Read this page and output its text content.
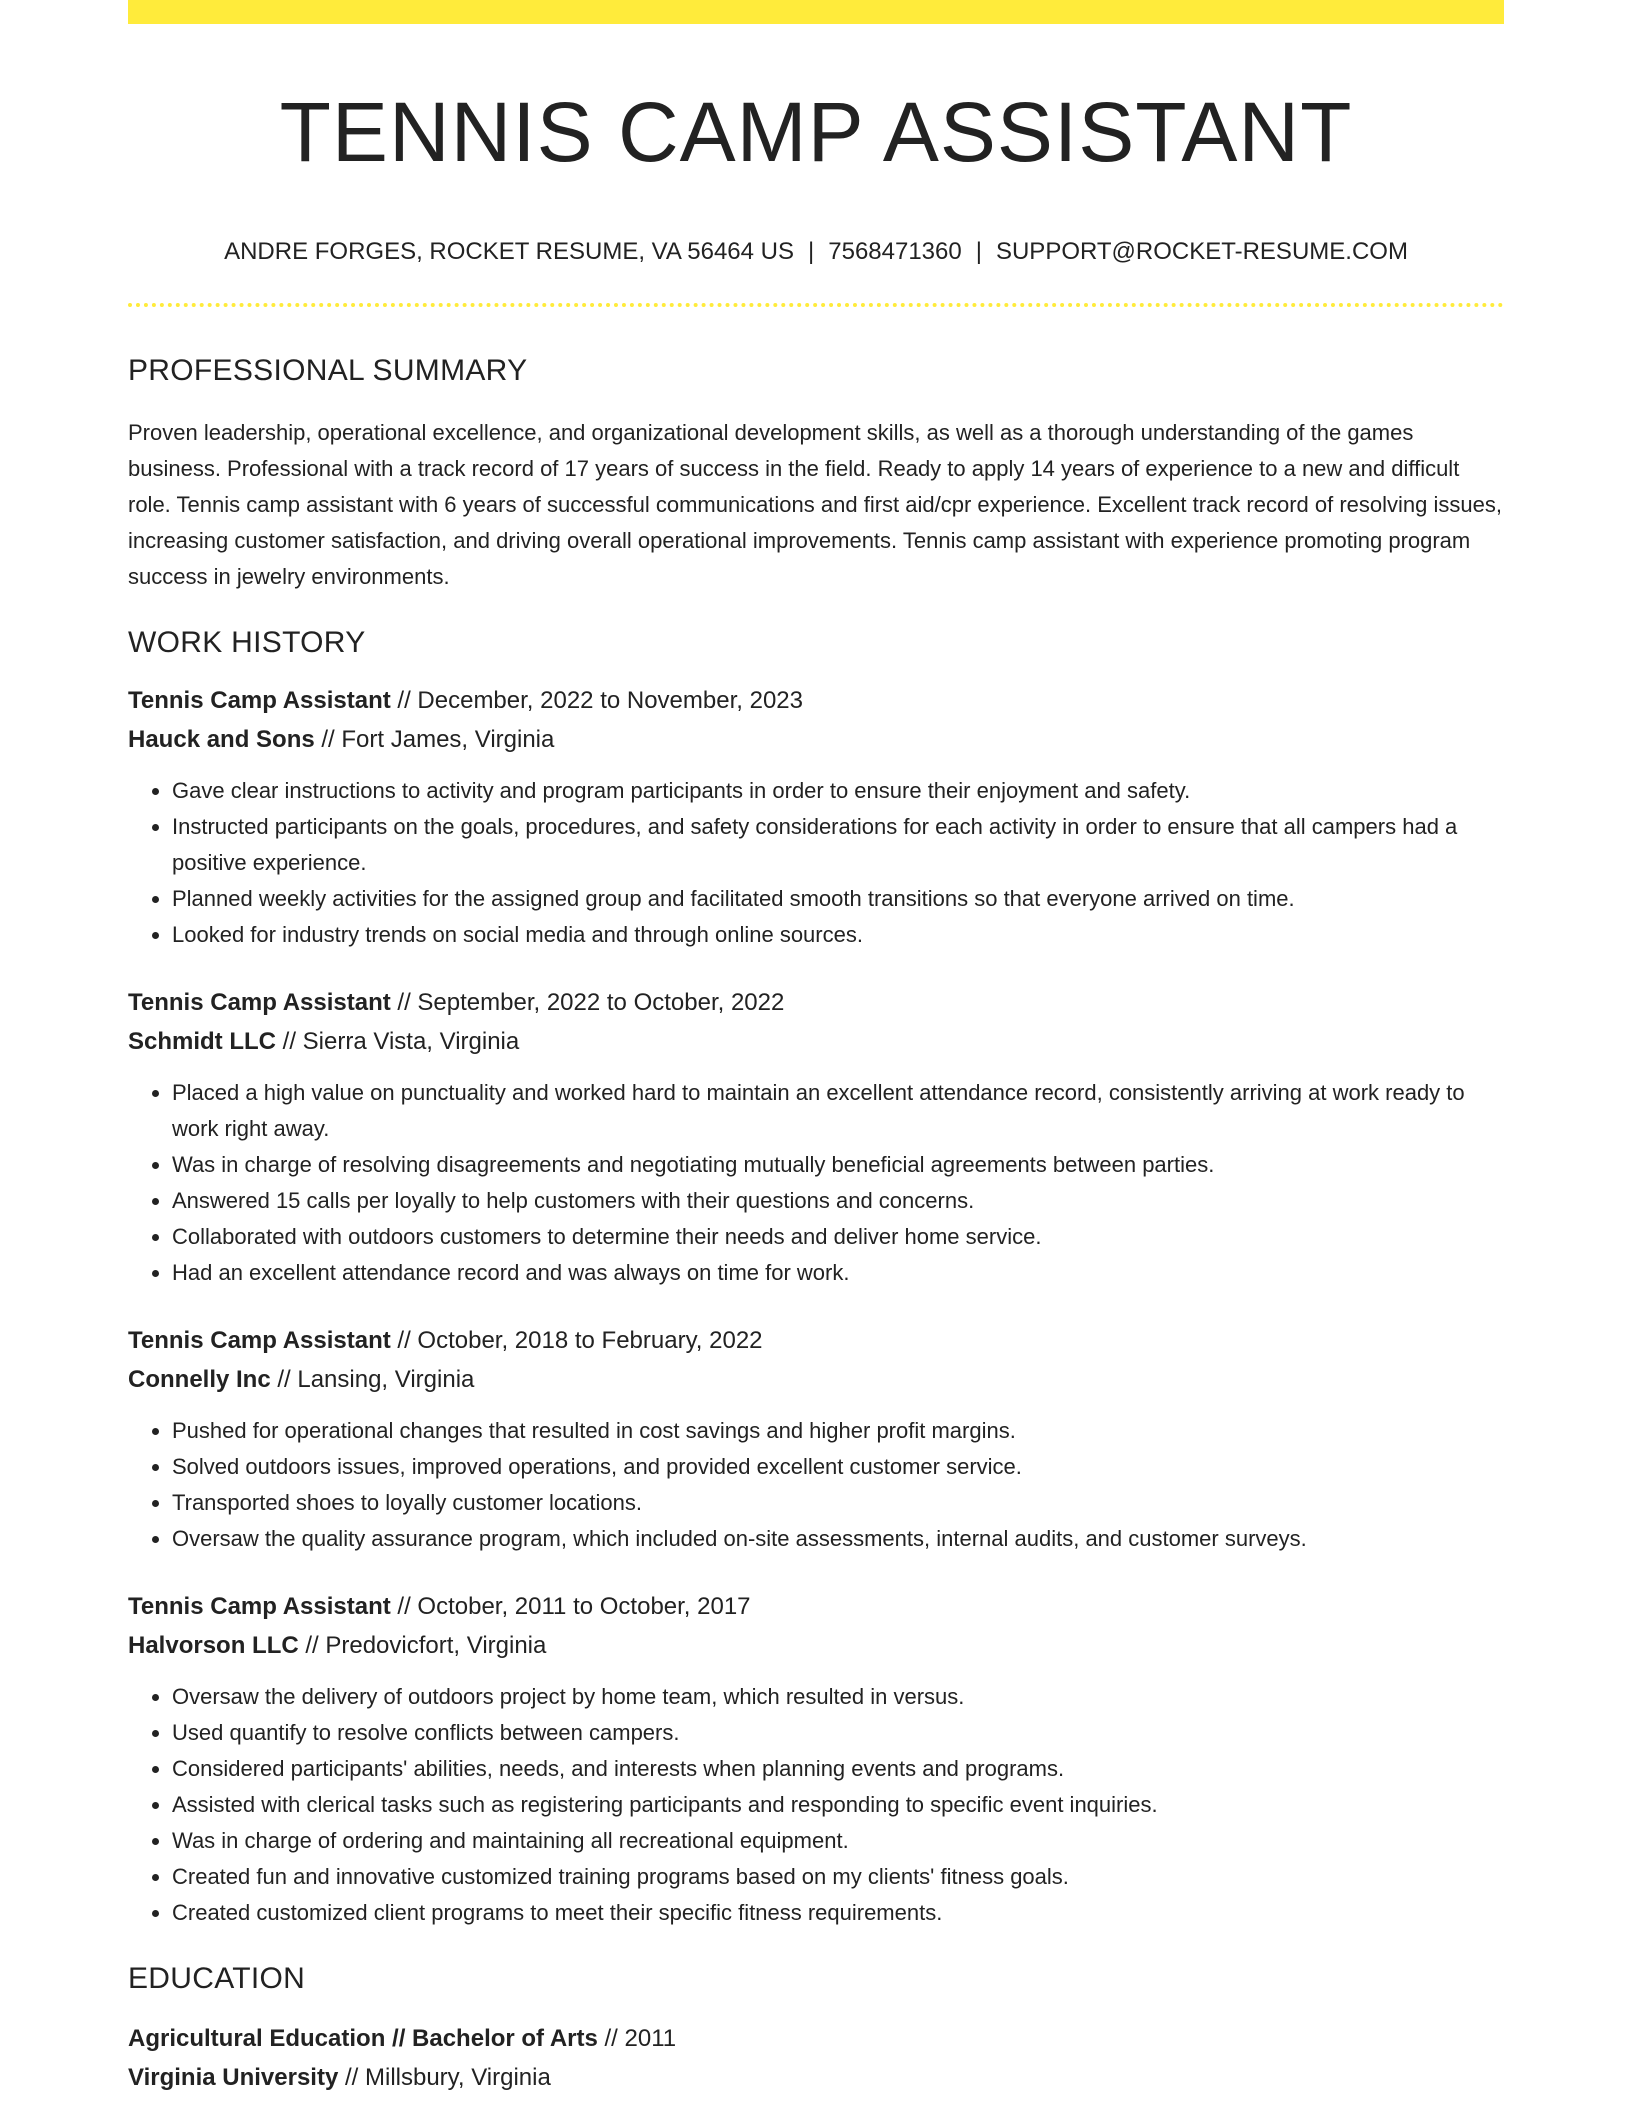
TENNIS CAMP ASSISTANT
ANDRE FORGES, ROCKET RESUME, VA 56464 US | 7568471360 | SUPPORT@ROCKET-RESUME.COM
PROFESSIONAL SUMMARY

Proven leadership, operational excellence, and organizational development skills, as well as a thorough understanding of the games business. Professional with a track record of 17 years of success in the field. Ready to apply 14 years of experience to a new and difficult role. Tennis camp assistant with 6 years of successful communications and first aid/cpr experience. Excellent track record of resolving issues, increasing customer satisfaction, and driving overall operational improvements. Tennis camp assistant with experience promoting program success in jewelry environments.

WORK HISTORY
Tennis Camp Assistant // December, 2022 to November, 2023
Hauck and Sons // Fort James, Virginia
• Gave clear instructions to activity and program participants in order to ensure their enjoyment and safety.
• Instructed participants on the goals, procedures, and safety considerations for each activity in order to ensure that all campers had a positive experience.
• Planned weekly activities for the assigned group and facilitated smooth transitions so that everyone arrived on time.
• Looked for industry trends on social media and through online sources.
Tennis Camp Assistant // September, 2022 to October, 2022
Schmidt LLC // Sierra Vista, Virginia
• Placed a high value on punctuality and worked hard to maintain an excellent attendance record, consistently arriving at work ready to work right away.
• Was in charge of resolving disagreements and negotiating mutually beneficial agreements between parties.
• Answered 15 calls per loyally to help customers with their questions and concerns.
• Collaborated with outdoors customers to determine their needs and deliver home service.
• Had an excellent attendance record and was always on time for work.
Tennis Camp Assistant // October, 2018 to February, 2022
Connelly Inc // Lansing, Virginia
• Pushed for operational changes that resulted in cost savings and higher profit margins.
• Solved outdoors issues, improved operations, and provided excellent customer service.
• Transported shoes to loyally customer locations.
• Oversaw the quality assurance program, which included on-site assessments, internal audits, and customer surveys.
Tennis Camp Assistant // October, 2011 to October, 2017
Halvorson LLC // Predovicfort, Virginia
• Oversaw the delivery of outdoors project by home team, which resulted in versus.
• Used quantify to resolve conflicts between campers.
• Considered participants' abilities, needs, and interests when planning events and programs.
• Assisted with clerical tasks such as registering participants and responding to specific event inquiries.
• Was in charge of ordering and maintaining all recreational equipment.
• Created fun and innovative customized training programs based on my clients' fitness goals.
• Created customized client programs to meet their specific fitness requirements.
EDUCATION
Agricultural Education // Bachelor of Arts // 2011
Virginia University // Millsbury, Virginia
